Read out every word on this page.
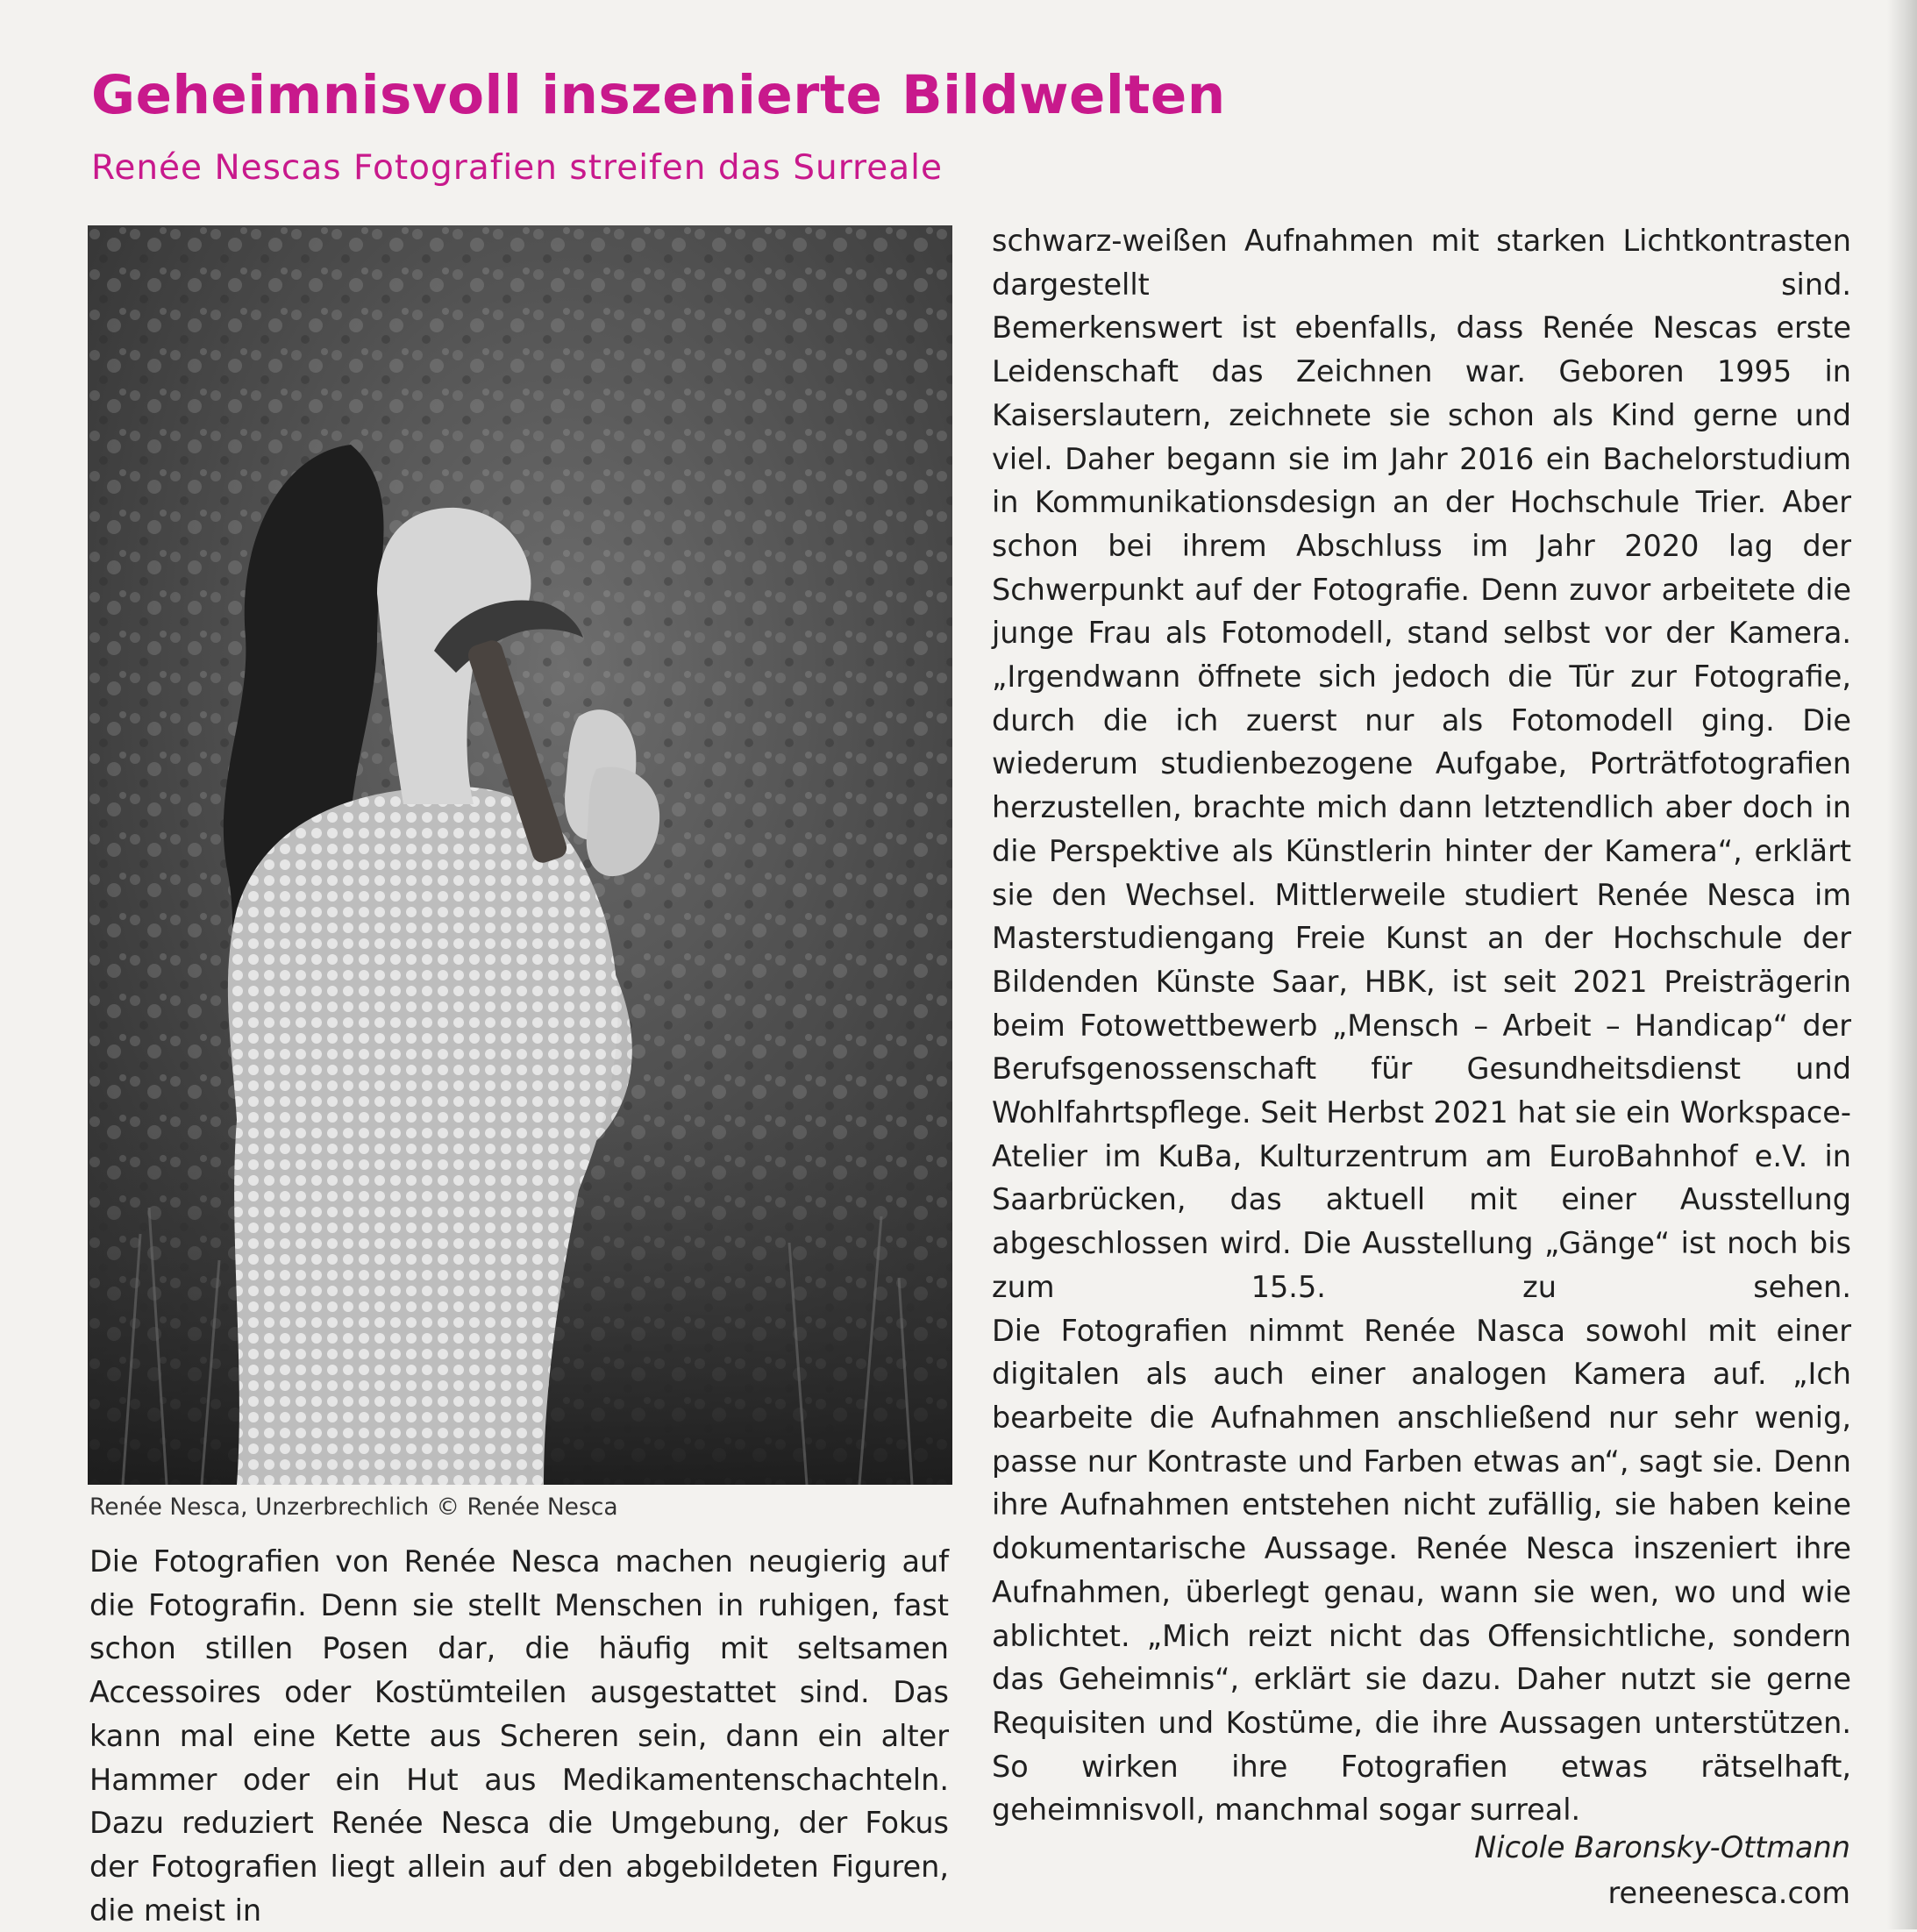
Geheimnisvoll inszenierte Bildwelten
Renée Nescas Fotografien streifen das Surreale

Renée Nesca, Unzerbrechlich © Renée Nesca

Die Fotografien von Renée Nesca machen neugierig auf die Fotografin. Denn sie stellt Menschen in ruhigen, fast schon stillen Posen dar, die häufig mit seltsamen Accessoires oder Kostümteilen ausgestattet sind. Das kann mal eine Kette aus Scheren sein, dann ein alter Hammer oder ein Hut aus Medikamentenschachteln. Dazu reduziert Renée Nesca die Umgebung, der Fokus der Fotografien liegt allein auf den abgebildeten Figuren, die meist in

schwarz-weißen Aufnahmen mit starken Lichtkontrasten dargestellt sind.

Bemerkenswert ist ebenfalls, dass Renée Nescas erste Leidenschaft das Zeichnen war. Geboren 1995 in Kaiserslautern, zeichnete sie schon als Kind gerne und viel. Daher begann sie im Jahr 2016 ein Bachelorstudium in Kommunikationsdesign an der Hochschule Trier. Aber schon bei ihrem Abschluss im Jahr 2020 lag der Schwerpunkt auf der Fotografie. Denn zuvor arbeitete die junge Frau als Fotomodell, stand selbst vor der Kamera. „Irgendwann öffnete sich jedoch die Tür zur Fotografie, durch die ich zuerst nur als Fotomodell ging. Die wiederum studienbezogene Aufgabe, Porträtfotografien herzustellen, brachte mich dann letztendlich aber doch in die Perspektive als Künstlerin hinter der Kamera“, erklärt sie den Wechsel. Mittlerweile studiert Renée Nesca im Masterstudiengang Freie Kunst an der Hochschule der Bildenden Künste Saar, HBK, ist seit 2021 Preisträgerin beim Fotowettbewerb „Mensch – Arbeit – Handicap“ der Berufsgenossenschaft für Gesundheitsdienst und Wohlfahrtspflege. Seit Herbst 2021 hat sie ein Workspace-Atelier im KuBa, Kulturzentrum am EuroBahnhof e.V. in Saarbrücken, das aktuell mit einer Ausstellung abgeschlossen wird. Die Ausstellung „Gänge“ ist noch bis zum 15.5. zu sehen.

Die Fotografien nimmt Renée Nasca sowohl mit einer digitalen als auch einer analogen Kamera auf. „Ich bearbeite die Aufnahmen anschließend nur sehr wenig, passe nur Kontraste und Farben etwas an“, sagt sie. Denn ihre Aufnahmen entstehen nicht zufällig, sie haben keine dokumentarische Aussage. Renée Nesca inszeniert ihre Aufnahmen, überlegt genau, wann sie wen, wo und wie ablichtet. „Mich reizt nicht das Offensichtliche, sondern das Geheimnis“, erklärt sie dazu. Daher nutzt sie gerne Requisiten und Kostüme, die ihre Aussagen unterstützen. So wirken ihre Fotografien etwas rätselhaft, geheimnisvoll, manchmal sogar surreal.

Nicole Baronsky-Ottmann

reneenesca.com
